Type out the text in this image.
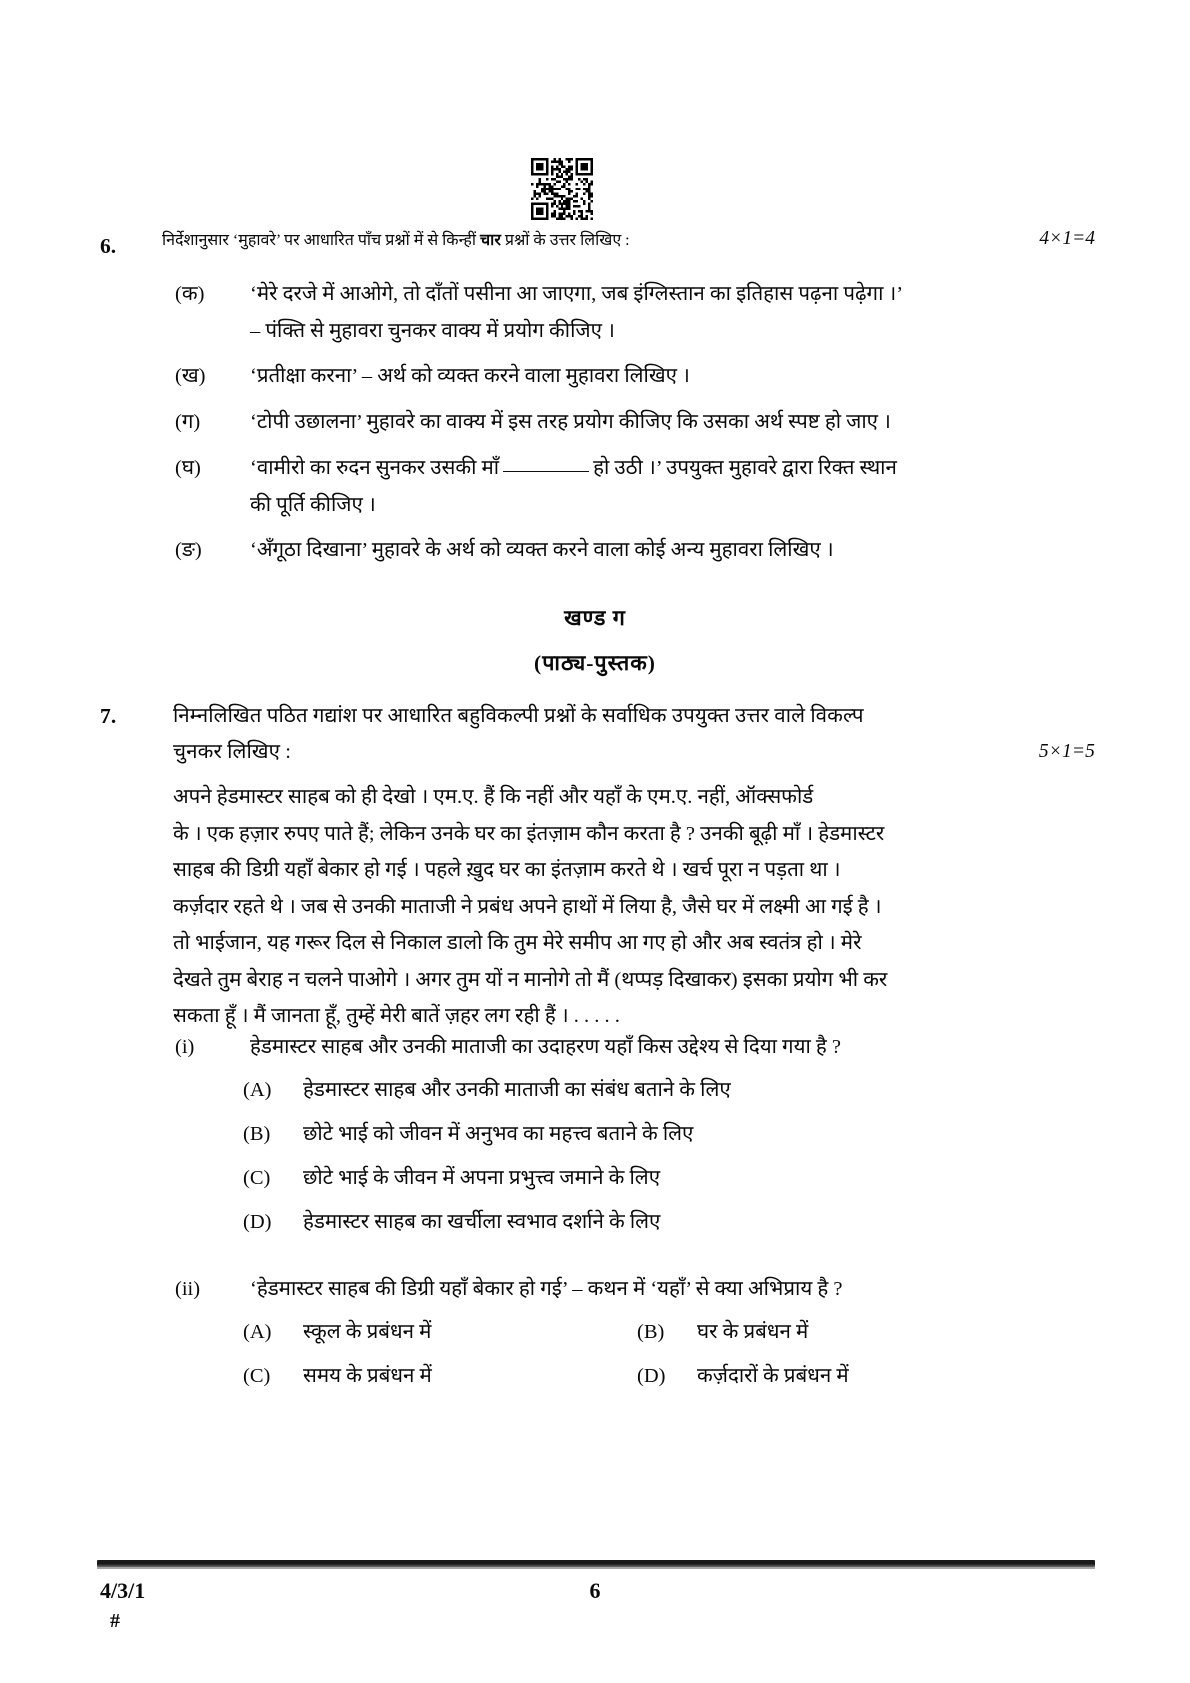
6.	निर्देशानुसार ‘मुहावरे’ पर आधारित पाँच प्रश्नों में से किन्हीं चार प्रश्नों के उत्तर लिखिए :	4×1=4
(क) ‘मेरे दरजे में आओगे, तो दाँतों पसीना आ जाएगा, जब इंग्लिस्तान का इतिहास पढ़ना पढ़ेगा ।’
– पंक्ति से मुहावरा चुनकर वाक्य में प्रयोग कीजिए ।
(ख) ‘प्रतीक्षा करना’ – अर्थ को व्यक्त करने वाला मुहावरा लिखिए ।
(ग) ‘टोपी उछालना’ मुहावरे का वाक्य में इस तरह प्रयोग कीजिए कि उसका अर्थ स्पष्ट हो जाए ।
(घ) ‘वामीरो का रुदन सुनकर उसकी माँ	हो उठी ।’ उपयुक्त मुहावरे द्वारा रिक्त स्थान
की पूर्ति कीजिए ।
(ङ) ‘अँगूठा दिखाना’ मुहावरे के अर्थ को व्यक्त करने वाला कोई अन्य मुहावरा लिखिए ।
खण्ड ग
(पाठ्य-पुस्तक)
7.	निम्नलिखित पठित गद्यांश पर आधारित बहुविकल्पी प्रश्नों के सर्वाधिक उपयुक्त उत्तर वाले विकल्प
चुनकर लिखिए :	5×1=5
अपने हेडमास्टर साहब को ही देखो । एम.ए. हैं कि नहीं और यहाँ के एम.ए. नहीं, ऑक्सफोर्ड
के । एक हज़ार रुपए पाते हैं; लेकिन उनके घर का इंतज़ाम कौन करता है ? उनकी बूढ़ी माँ । हेडमास्टर
साहब की डिग्री यहाँ बेकार हो गई । पहले ख़ुद घर का इंतज़ाम करते थे । खर्च पूरा न पड़ता था ।
कर्ज़दार रहते थे । जब से उनकी माताजी ने प्रबंध अपने हाथों में लिया है, जैसे घर में लक्ष्मी आ गई है ।
तो भाईजान, यह गरूर दिल से निकाल डालो कि तुम मेरे समीप आ गए हो और अब स्वतंत्र हो । मेरे
देखते तुम बेराह न चलने पाओगे । अगर तुम यों न मानोगे तो मैं (थप्पड़ दिखाकर) इसका प्रयोग भी कर
सकता हूँ । मैं जानता हूँ, तुम्हें मेरी बातें ज़हर लग रही हैं । . . . . .
(i)	हेडमास्टर साहब और उनकी माताजी का उदाहरण यहाँ किस उद्देश्य से दिया गया है ?
(A) हेडमास्टर साहब और उनकी माताजी का संबंध बताने के लिए
(B) छोटे भाई को जीवन में अनुभव का महत्त्व बताने के लिए
(C) छोटे भाई के जीवन में अपना प्रभुत्त्व जमाने के लिए
(D) हेडमास्टर साहब का खर्चीला स्वभाव दर्शाने के लिए
(ii) ‘हेडमास्टर साहब की डिग्री यहाँ बेकार हो गई’ – कथन में ‘यहाँ’ से क्या अभिप्राय है ?
(A) स्कूल के प्रबंधन में	(B) घर के प्रबंधन में
(C) समय के प्रबंधन में	(D) कर्ज़दारों के प्रबंधन में
4/3/1	6
#
